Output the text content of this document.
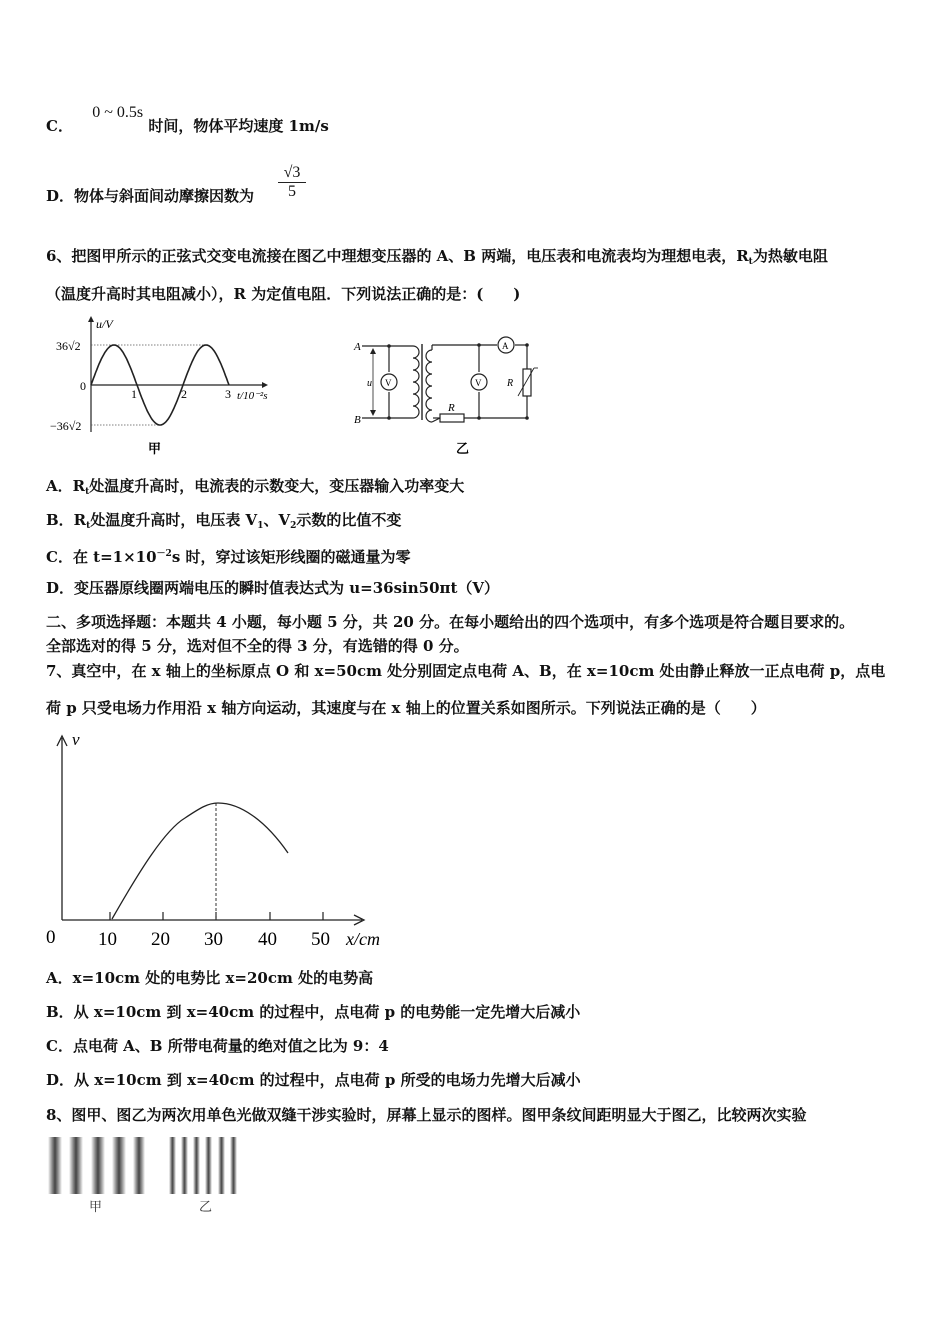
C． 0 ~ 0.5s 时间，物体平均速度 1m/s
D．物体与斜面间动摩擦因数为 $\frac{√3}{5}$
6、把图甲所示的正弦式交变电流接在图乙中理想变压器的 A、B 两端，电压表和电流表均为理想电表，$R_t$为热敏电阻
（温度升高时其电阻减小），R 为定值电阻．下列说法正确的是：(　　)
u/V
36√2
0
−36√2
1	2	3 t/10⁻²s
甲
A
B
u V	V
A
R
R
乙
A．$R_t$处温度升高时，电流表的示数变大，变压器输入功率变大
B．$R_t$处温度升高时，电压表 $V_1$、$V_2$示数的比值不变
C．在 $t=1\times 10^{-2}s$ 时，穿过该矩形线圈的磁通量为零
D．变压器原线圈两端电压的瞬时值表达式为 u=36sin50πt（V）
二、多项选择题：本题共 4 小题，每小题 5 分，共 20 分。在每小题给出的四个选项中，有多个选项是符合题目要求的。
全部选对的得 5 分，选对但不全的得 3 分，有选错的得 0 分。
7、真空中，在 x 轴上的坐标原点 O 和 x=50cm 处分别固定点电荷 A、B，在 x=10cm 处由静止释放一正点电荷 p，点电
荷 p 只受电场力作用沿 x 轴方向运动，其速度与在 x 轴上的位置关系如图所示。下列说法正确的是（　　）
v
0 10 20 30 40 50 x/cm
A．x=10cm 处的电势比 x=20cm 处的电势高
B．从 x=10cm 到 x=40cm 的过程中，点电荷 p 的电势能一定先增大后减小
C．点电荷 A、B 所带电荷量的绝对值之比为 9：4
D．从 x=10cm 到 x=40cm 的过程中，点电荷 p 所受的电场力先增大后减小
8、图甲、图乙为两次用单色光做双缝干涉实验时，屏幕上显示的图样。图甲条纹间距明显大于图乙，比较两次实验
甲	乙
